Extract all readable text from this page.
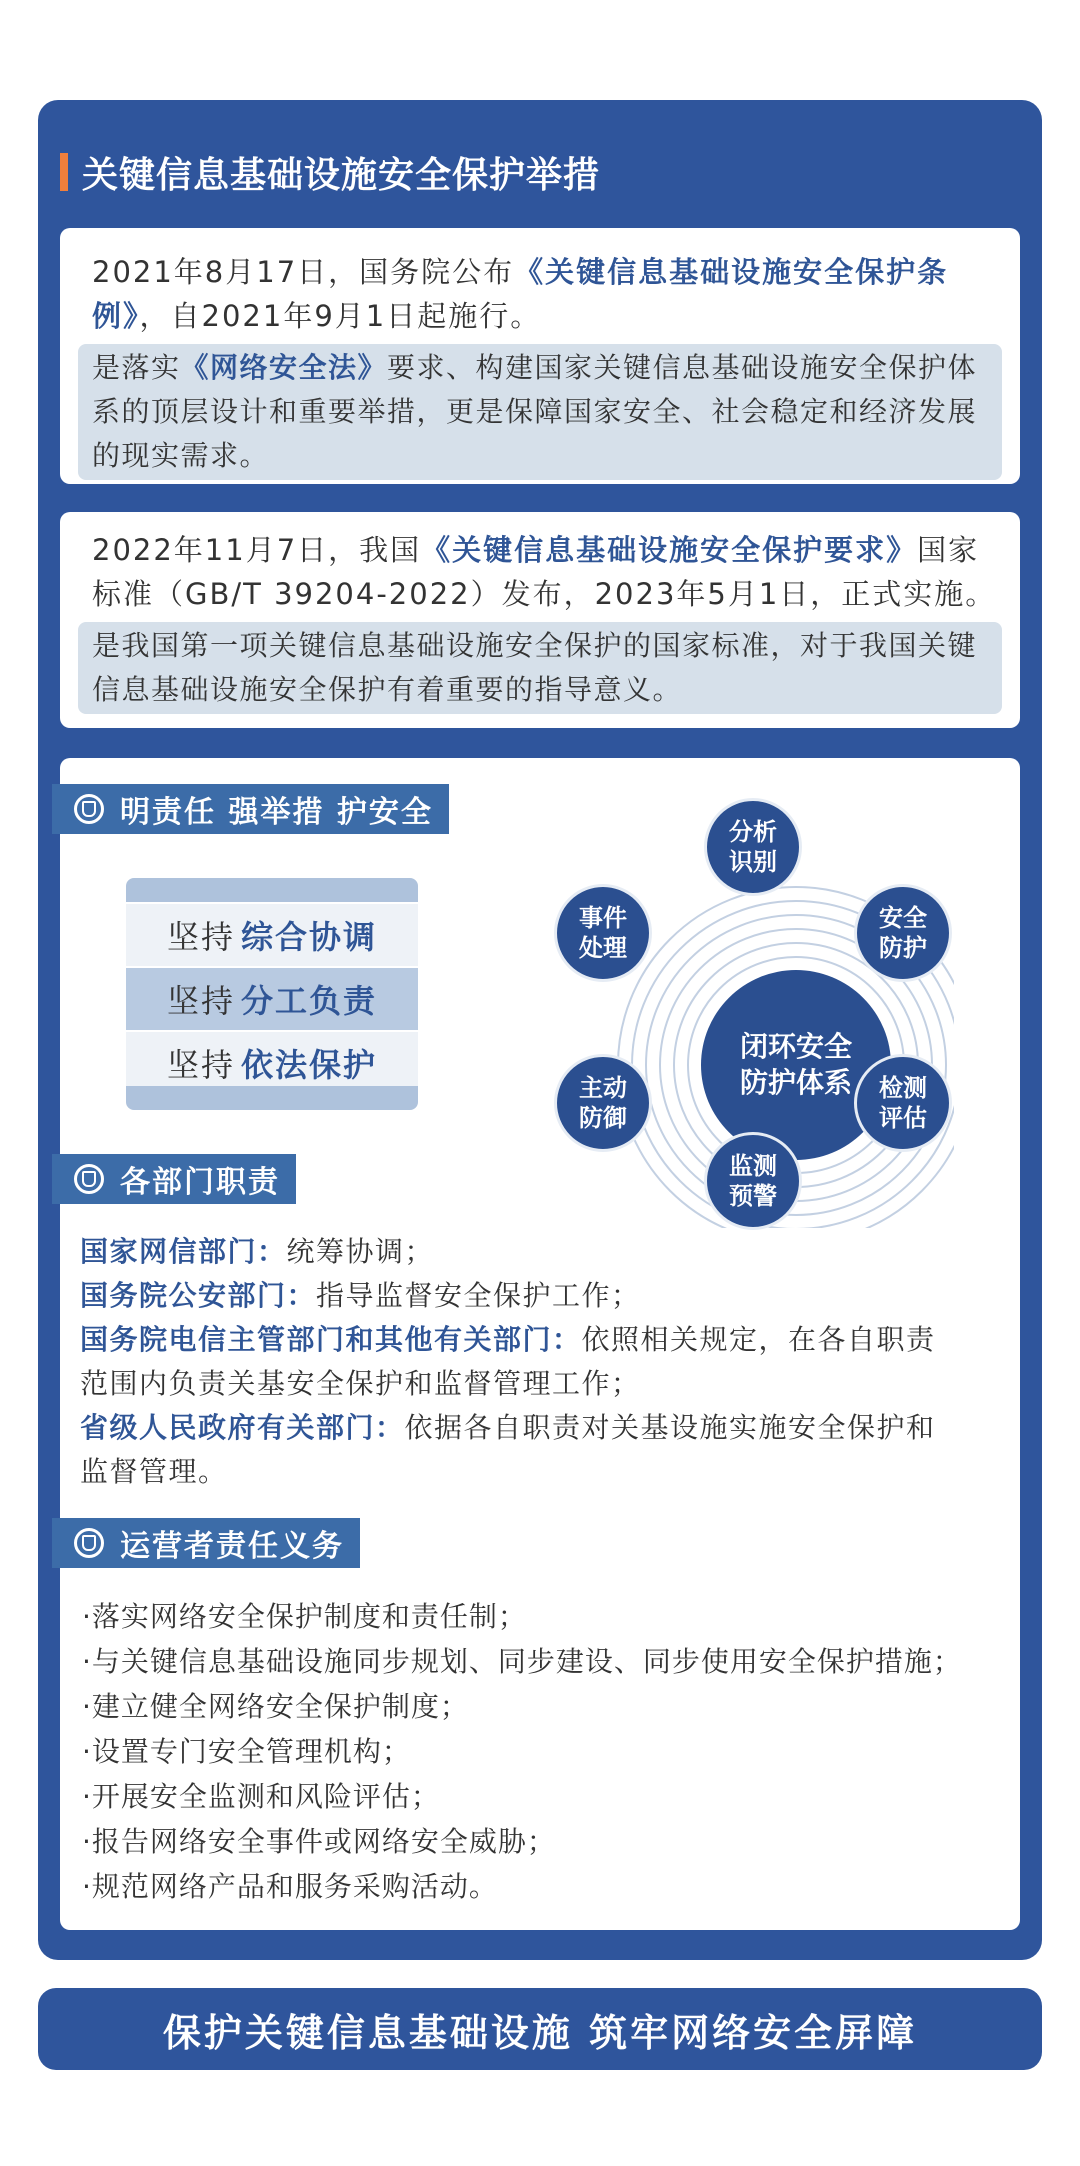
关键信息基础设施安全保护举措
2021年8月17日，国务院公布《关键信息基础设施安全保护条
例》，自2021年9月1日起施行。
是落实《网络安全法》要求、构建国家关键信息基础设施安全保护体系的顶层设计和重要举措，更是保障国家安全、社会稳定和经济发展的现实需求。
2022年11月7日，我国《关键信息基础设施安全保护要求》国家
标准（GB/T 39204-2022）发布，2023年5月1日，正式实施。
是我国第一项关键信息基础设施安全保护的国家标准，对于我国关键信息基础设施安全保护有着重要的指导意义。
明责任 强举措 护安全
坚持 综合协调
坚持 分工负责
坚持 依法保护	闭环安全
防护体系
分析
识别
安全
防护
检测
评估
监测
预警
主动
防御
事件
处理
各部门职责
国家网信部门：统筹协调；
国务院公安部门：指导监督安全保护工作；
国务院电信主管部门和其他有关部门：依照相关规定，在各自职责
范围内负责关基安全保护和监督管理工作；
省级人民政府有关部门：依据各自职责对关基设施实施安全保护和
监督管理。
运营者责任义务
·落实网络安全保护制度和责任制；
·与关键信息基础设施同步规划、同步建设、同步使用安全保护措施；
·建立健全网络安全保护制度；
·设置专门安全管理机构；
·开展安全监测和风险评估；
·报告网络安全事件或网络安全威胁；
·规范网络产品和服务采购活动。
保护关键信息基础设施 筑牢网络安全屏障
